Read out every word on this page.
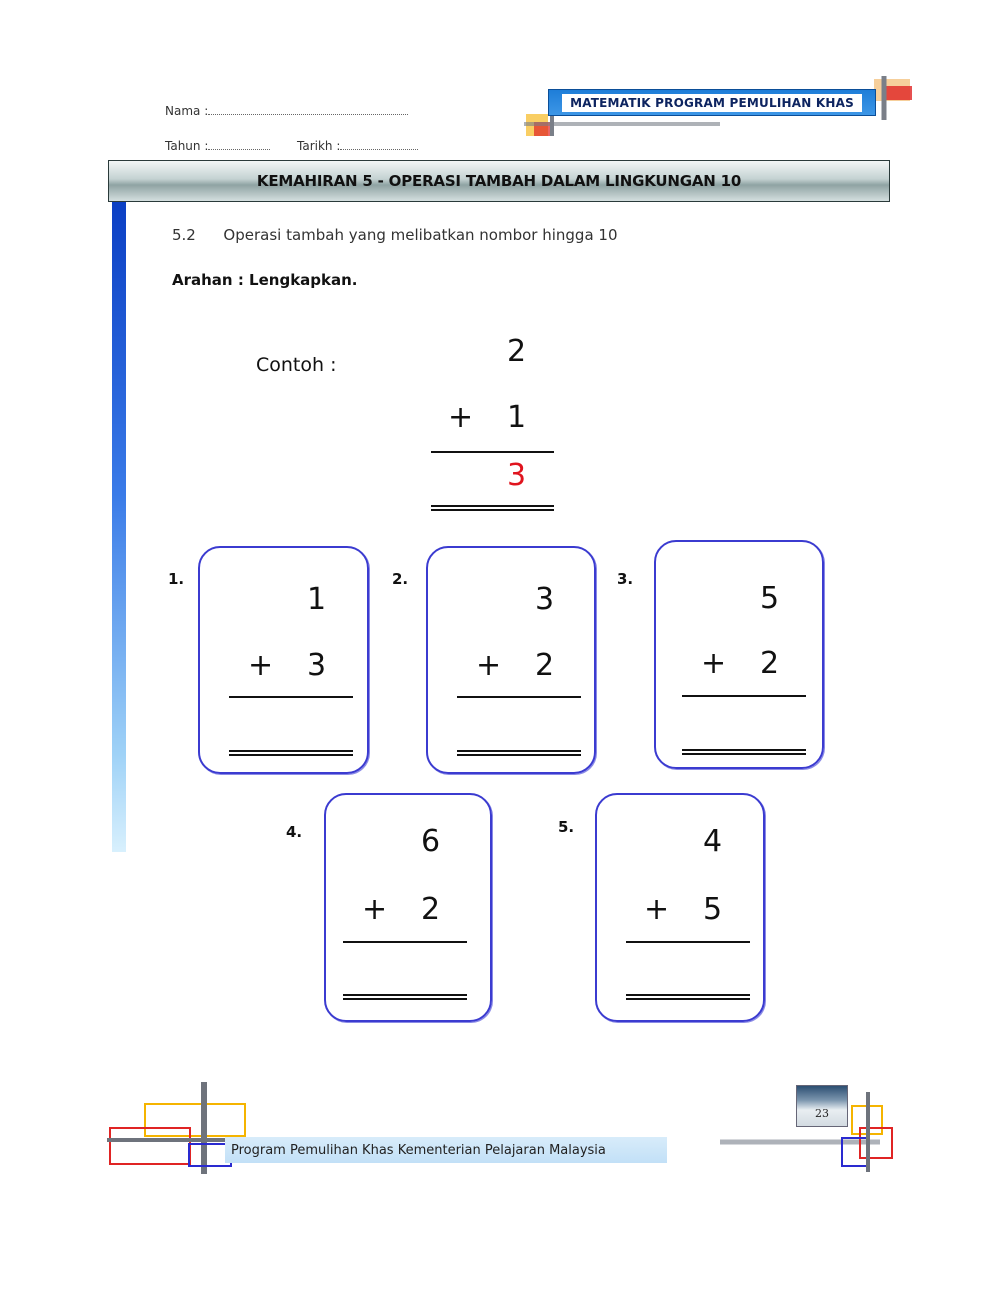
Nama :
Tahun :	Tarikh :
MATEMATIK PROGRAM PEMULIHAN KHAS
KEMAHIRAN 5 - OPERASI TAMBAH DALAM LINGKUNGAN 10
5.2 Operasi tambah yang melibatkan nombor hingga 10
Arahan : Lengkapkan.
Contoh :	2
+ 1
3
1.
1
+ 3
2.
3
+ 2
3.
5
+ 2
4.	6
+ 2
5.	4
+ 5
Program Pemulihan Khas Kementerian Pelajaran Malaysia
23
